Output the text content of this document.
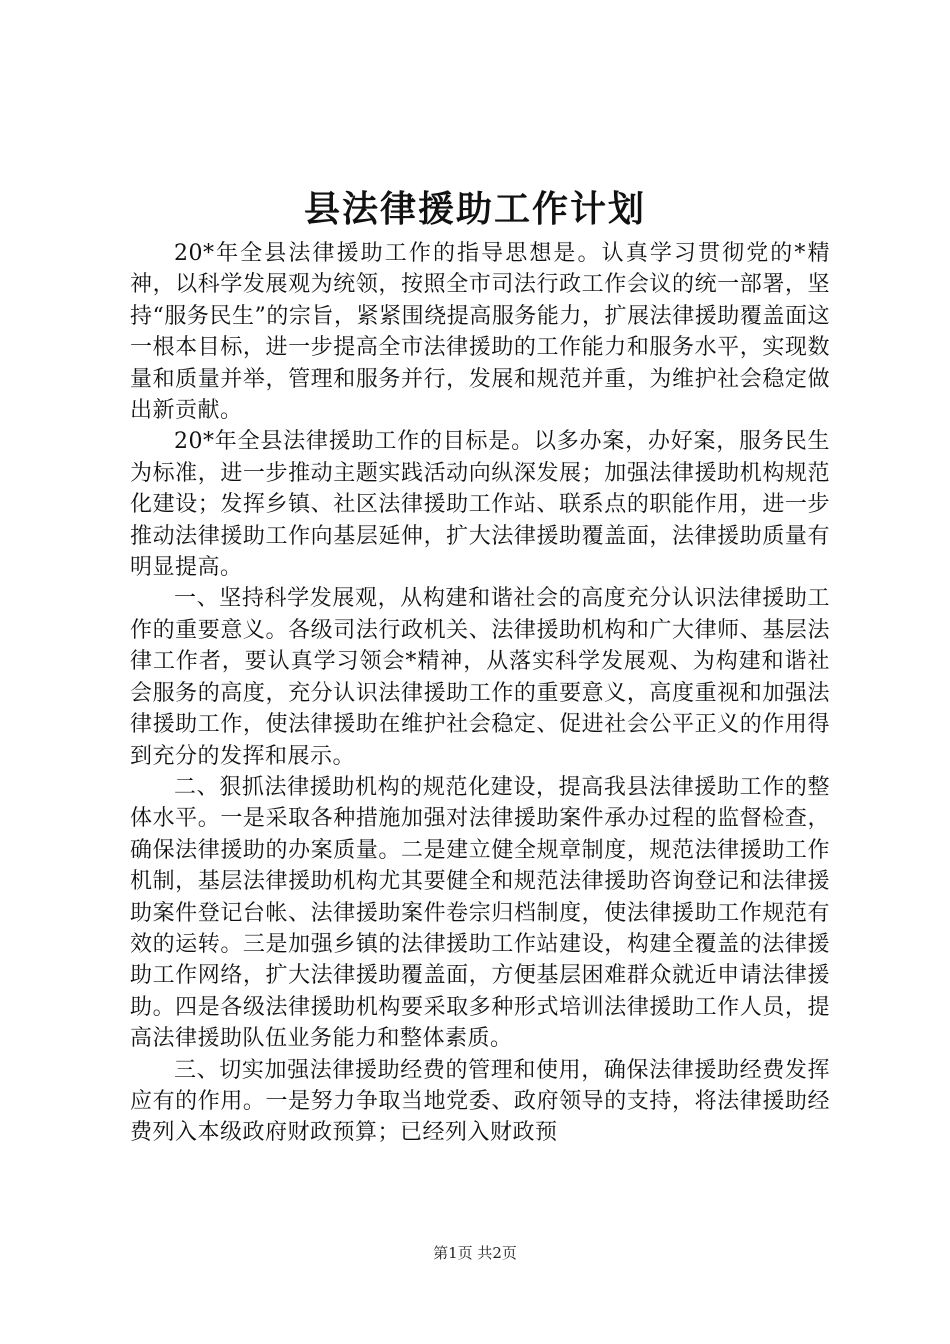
县法律援助工作计划

20*年全县法律援助工作的指导思想是。认真学习贯彻党的*精神，以科学发展观为统领，按照全市司法行政工作会议的统一部署，坚持“服务民生”的宗旨，紧紧围绕提高服务能力，扩展法律援助覆盖面这一根本目标，进一步提高全市法律援助的工作能力和服务水平，实现数量和质量并举，管理和服务并行，发展和规范并重，为维护社会稳定做出新贡献。

20*年全县法律援助工作的目标是。以多办案，办好案，服务民生为标准，进一步推动主题实践活动向纵深发展；加强法律援助机构规范化建设；发挥乡镇、社区法律援助工作站、联系点的职能作用，进一步推动法律援助工作向基层延伸，扩大法律援助覆盖面，法律援助质量有明显提高。

一、坚持科学发展观，从构建和谐社会的高度充分认识法律援助工作的重要意义。各级司法行政机关、法律援助机构和广大律师、基层法律工作者，要认真学习领会*精神，从落实科学发展观、为构建和谐社会服务的高度，充分认识法律援助工作的重要意义，高度重视和加强法律援助工作，使法律援助在维护社会稳定、促进社会公平正义的作用得到充分的发挥和展示。

二、狠抓法律援助机构的规范化建设，提高我县法律援助工作的整体水平。一是采取各种措施加强对法律援助案件承办过程的监督检查，确保法律援助的办案质量。二是建立健全规章制度，规范法律援助工作机制，基层法律援助机构尤其要健全和规范法律援助咨询登记和法律援助案件登记台帐、法律援助案件卷宗归档制度，使法律援助工作规范有效的运转。三是加强乡镇的法律援助工作站建设，构建全覆盖的法律援助工作网络，扩大法律援助覆盖面，方便基层困难群众就近申请法律援助。四是各级法律援助机构要采取多种形式培训法律援助工作人员，提高法律援助队伍业务能力和整体素质。

三、切实加强法律援助经费的管理和使用，确保法律援助经费发挥应有的作用。一是努力争取当地党委、政府领导的支持，将法律援助经费列入本级政府财政预算；已经列入财政预

第1页 共2页
